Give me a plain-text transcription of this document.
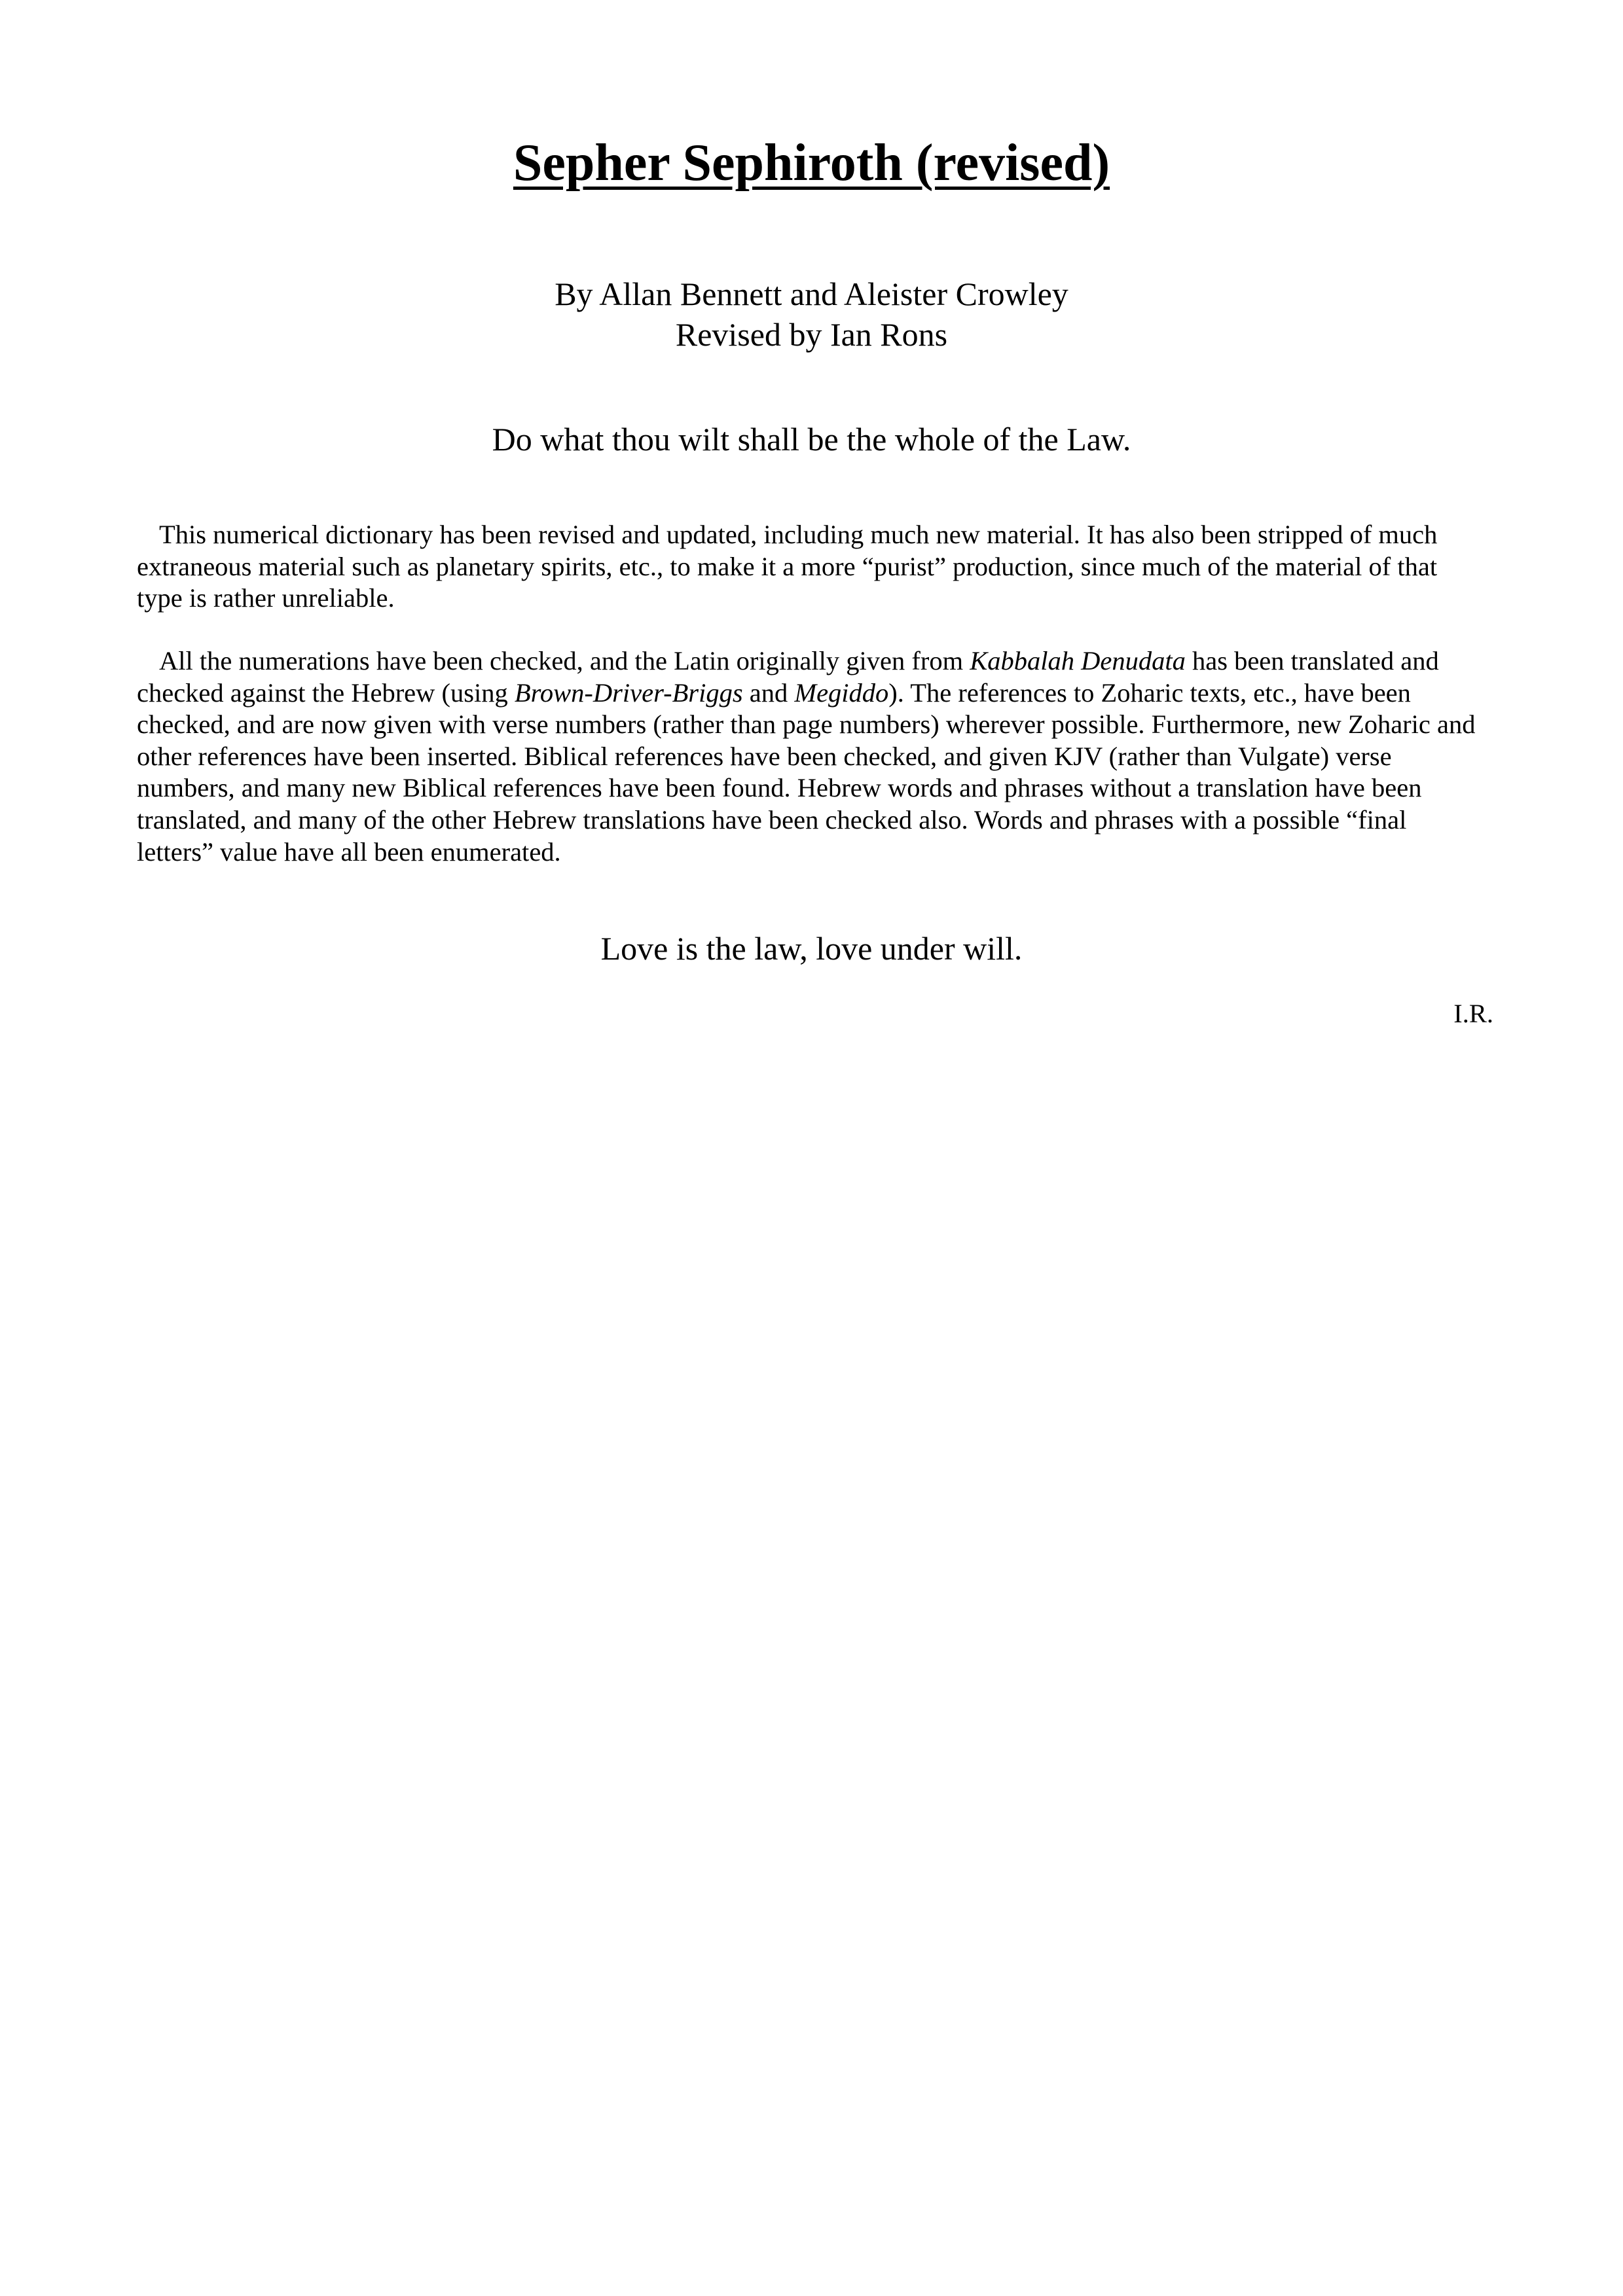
Sepher Sephiroth (revised)
By Allan Bennett and Aleister Crowley
Revised by Ian Rons
Do what thou wilt shall be the whole of the Law.

This numerical dictionary has been revised and updated, including much new material. It has also been stripped of much extraneous material such as planetary spirits, etc., to make it a more “purist” production, since much of the material of that type is rather unreliable.

All the numerations have been checked, and the Latin originally given from Kabbalah Denudata has been translated and checked against the Hebrew (using Brown-Driver-Briggs and Megiddo). The references to Zoharic texts, etc., have been checked, and are now given with verse numbers (rather than page numbers) wherever possible. Furthermore, new Zoharic and other references have been inserted. Biblical references have been checked, and given KJV (rather than Vulgate) verse numbers, and many new Biblical references have been found. Hebrew words and phrases without a translation have been translated, and many of the other Hebrew translations have been checked also. Words and phrases with a possible “final letters” value have all been enumerated.

Love is the law, love under will.
I.R.
